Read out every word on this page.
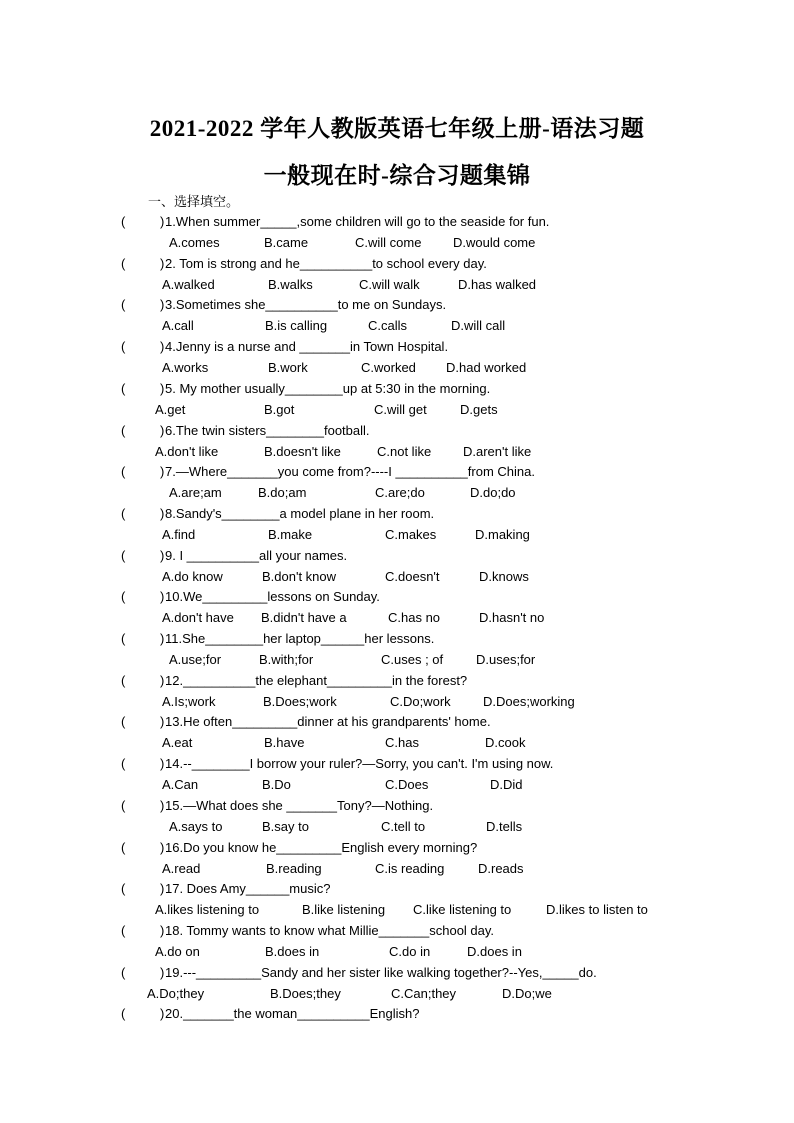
2021-2022 学年人教版英语七年级上册-语法习题
一般现在时-综合习题集锦
一、选择填空。
(	) 1.When summer_____,some children will go to the seaside for fun.
A.comes	B.came	C.will come D.would come
(	) 2. Tom is strong and he__________to school every day.
A.walked	B.walks	C.will walk	D.has walked
(	) 3.Sometimes she__________to me on Sundays.
A.call	B.is calling	C.calls	D.will call
(	) 4.Jenny is a nurse and _______in Town Hospital.
A.works	B.work	C.worked D.had worked
(	) 5. My mother usually________up at 5:30 in the morning.
A.get	B.got	C.will get	D.gets
(	) 6.The twin sisters________football.
A.don't like	B.doesn't like	C.not like D.aren't like
(	) 7.—Where_______you come from?----I __________from China.
A.are;am	B.do;am	C.are;do	D.do;do
(	) 8.Sandy's________a model plane in her room.
A.find	B.make	C.makes	D.making
(	) 9. I __________all your names.
A.do know	B.don't know	C.doesn't	D.knows
(	) 10.We_________lessons on Sunday.
A.don't have B.didn't have a	C.has no	D.hasn't no
(	) 11.She________her laptop______her lessons.
A.use;for	B.with;for	C.uses ; of	D.uses;for
(	) 12.__________the elephant_________in the forest?
A.Is;work	B.Does;work	C.Do;work D.Does;working
(	) 13.He often_________dinner at his grandparents' home.
A.eat	B.have	C.has	D.cook
(	) 14.--________I borrow your ruler?—Sorry, you can't. I'm using now.
A.Can	B.Do	C.Does	D.Did
(	) 15.—What does she _______Tony?—Nothing.
A.says to	B.say to	C.tell to	D.tells
(	) 16.Do you know he_________English every morning?
A.read	B.reading	C.is reading	D.reads
(	) 17. Does Amy______music?
A.likes listening to	B.like listening C.like listening to	D.likes to listen to
(	) 18. Tommy wants to know what Millie_______school day.
A.do on	B.does in	C.do in	D.does in
(	) 19.---_________Sandy and her sister like walking together?--Yes,_____do.
A.Do;they	B.Does;they	C.Can;they	D.Do;we
(	) 20._______the woman__________English?
